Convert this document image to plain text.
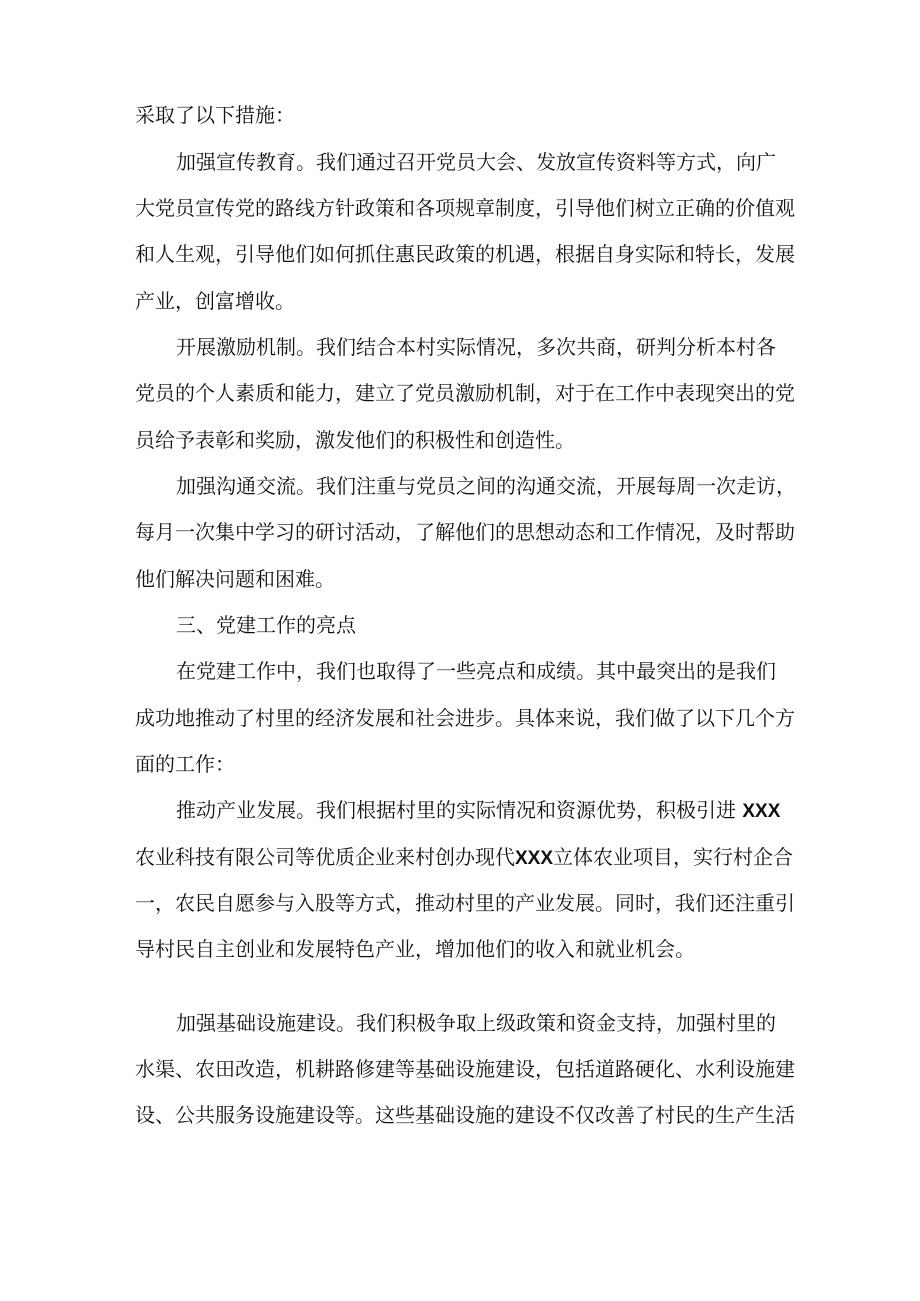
采取了以下措施：

加强宣传教育。我们通过召开党员大会、发放宣传资料等方式，向广

大党员宣传党的路线方针政策和各项规章制度，引导他们树立正确的价值观

和人生观，引导他们如何抓住惠民政策的机遇，根据自身实际和特长，发展

产业，创富增收。

开展激励机制。我们结合本村实际情况，多次共商，研判分析本村各

党员的个人素质和能力，建立了党员激励机制，对于在工作中表现突出的党

员给予表彰和奖励，激发他们的积极性和创造性。

加强沟通交流。我们注重与党员之间的沟通交流，开展每周一次走访，

每月一次集中学习的研讨活动，了解他们的思想动态和工作情况，及时帮助

他们解决问题和困难。

三、党建工作的亮点

在党建工作中，我们也取得了一些亮点和成绩。其中最突出的是我们

成功地推动了村里的经济发展和社会进步。具体来说，我们做了以下几个方

面的工作：

推动产业发展。我们根据村里的实际情况和资源优势，积极引进 XXX

农业科技有限公司等优质企业来村创办现代XXX立体农业项目，实行村企合

一，农民自愿参与入股等方式，推动村里的产业发展。同时，我们还注重引

导村民自主创业和发展特色产业，增加他们的收入和就业机会。

加强基础设施建设。我们积极争取上级政策和资金支持，加强村里的

水渠、农田改造，机耕路修建等基础设施建设，包括道路硬化、水利设施建

设、公共服务设施建设等。这些基础设施的建设不仅改善了村民的生产生活
